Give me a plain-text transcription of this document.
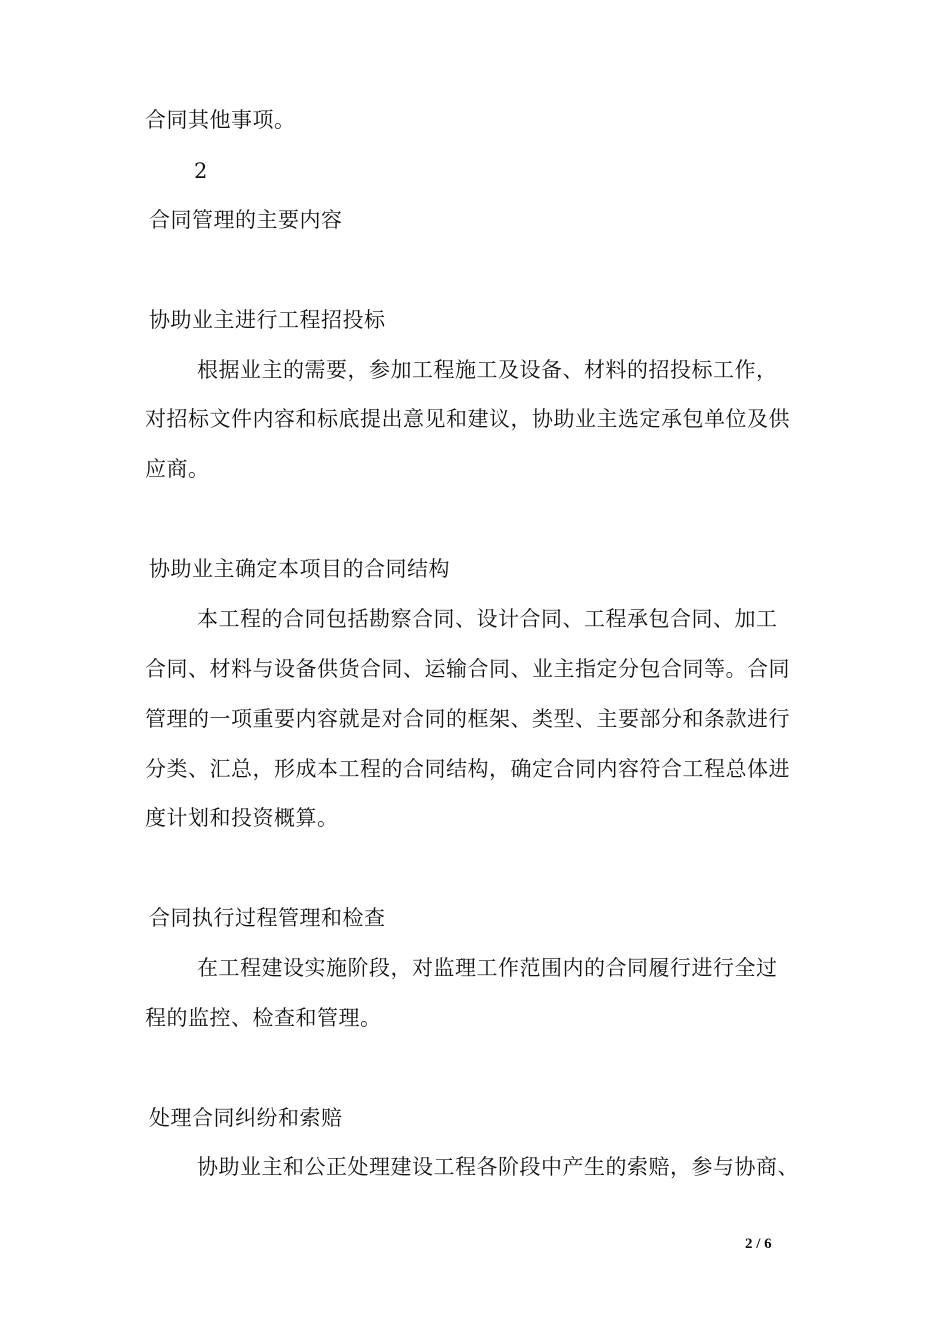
合同其他事项。
2
合同管理的主要内容
协助业主进行工程招投标
根据业主的需要，参加工程施工及设备、材料的招投标工作，
对招标文件内容和标底提出意见和建议，协助业主选定承包单位及供
应商。
协助业主确定本项目的合同结构
本工程的合同包括勘察合同、设计合同、工程承包合同、加工
合同、材料与设备供货合同、运输合同、业主指定分包合同等。合同
管理的一项重要内容就是对合同的框架、类型、主要部分和条款进行
分类、汇总，形成本工程的合同结构，确定合同内容符合工程总体进
度计划和投资概算。
合同执行过程管理和检查
在工程建设实施阶段，对监理工作范围内的合同履行进行全过
程的监控、检查和管理。
处理合同纠纷和索赔
协助业主和公正处理建设工程各阶段中产生的索赔，参与协商、
2 / 6
